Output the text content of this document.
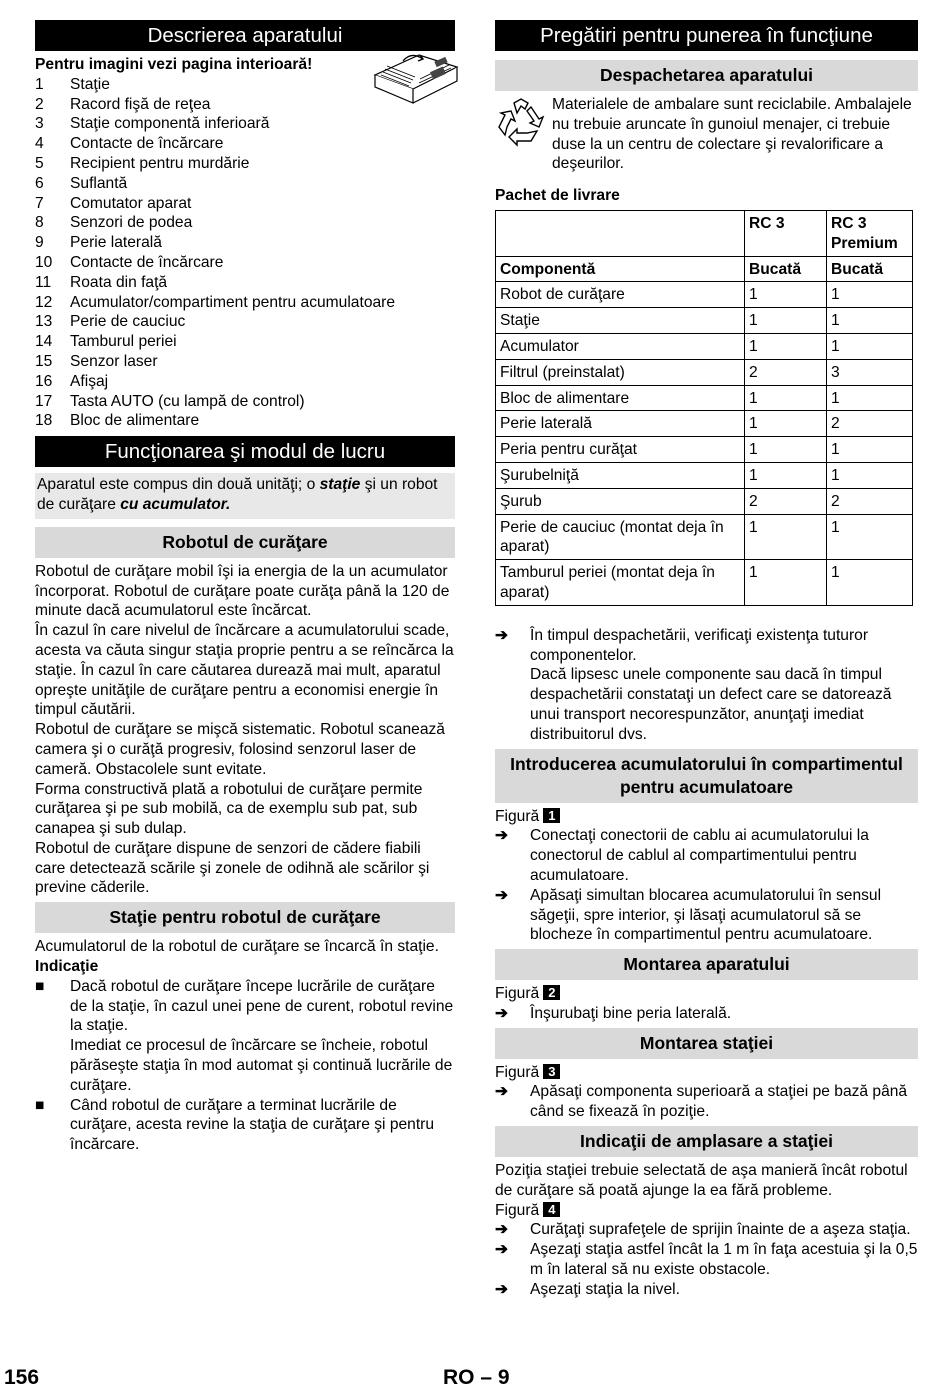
Descrierea aparatului

Pentru imagini vezi pagina interioară!

1	Staţie
2	Racord fişă de reţea
3	Staţie componentă inferioară
4	Contacte de încărcare
5	Recipient pentru murdărie
6	Suflantă
7	Comutator aparat
8	Senzori de podea
9	Perie laterală
10	Contacte de încărcare
11	Roata din faţă
12	Acumulator/compartiment pentru acumulatoare
13	Perie de cauciuc
14	Tamburul periei
15	Senzor laser
16	Afişaj
17	Tasta AUTO (cu lampă de control)
18	Bloc de alimentare
Funcţionarea şi modul de lucru

Aparatul este compus din două unităţi; o staţie şi un robot de curăţare cu acumulator.

Robotul de curăţare

Robotul de curăţare mobil îşi ia energia de la un acumulator încorporat. Robotul de curăţare poate curăţa până la 120 de minute dacă acumulatorul este încărcat.

În cazul în care nivelul de încărcare a acumulatorului scade, acesta va căuta singur staţia proprie pentru a se reîncărca la staţie. În cazul în care căutarea durează mai mult, aparatul opreşte unităţile de curăţare pentru a economisi energie în timpul căutării.

Robotul de curăţare se mişcă sistematic. Robotul scanează camera şi o curăţă progresiv, folosind senzorul laser de cameră. Obstacolele sunt evitate.

Forma constructivă plată a robotului de curăţare permite curăţarea şi pe sub mobilă, ca de exemplu sub pat, sub canapea şi sub dulap.

Robotul de curăţare dispune de senzori de cădere fiabili care detectează scările şi zonele de odihnă ale scărilor şi previne căderile.

Staţie pentru robotul de curăţare

Acumulatorul de la robotul de curăţare se încarcă în staţie.

Indicaţie

■	Dacă robotul de curăţare începe lucrările de curăţare de la staţie, în cazul unei pene de curent, robotul revine la staţie.
Imediat ce procesul de încărcare se încheie, robotul părăseşte staţia în mod automat şi continuă lucrările de curăţare.
■	Când robotul de curăţare a terminat lucrările de curăţare, acesta revine la staţia de curăţare şi pentru încărcare.
Pregătiri pentru punerea în funcţiune
Despachetarea aparatului

Materialele de ambalare sunt reciclabile. Ambalajele nu trebuie aruncate în gunoiul menajer, ci trebuie duse la un centru de colectare şi revalorificare a deşeurilor.

Pachet de livrare

	RC 3	RC 3 Premium
Componentă	Bucată	Bucată
Robot de curăţare	1	1
Staţie	1	1
Acumulator	1	1
Filtrul (preinstalat)	2	3
Bloc de alimentare	1	1
Perie laterală	1	2
Peria pentru curăţat	1	1
Şurubelniţă	1	1
Şurub	2	2
Perie de cauciuc (montat deja în aparat)	1	1
Tamburul periei (montat deja în aparat)	1	1
➔	În timpul despachetării, verificaţi existenţa tuturor componentelor.
Dacă lipsesc unele componente sau dacă în timpul despachetării constataţi un defect care se datorează unui transport necorespunzător, anunţaţi imediat distribuitorul dvs.
Introducerea acumulatorului în compartimentul pentru acumulatoare

Figură 1

➔	Conectaţi conectorii de cablu ai acumulatorului la conectorul de cablul al compartimentului pentru acumulatoare.
➔	Apăsaţi simultan blocarea acumulatorului în sensul săgeţii, spre interior, şi lăsaţi acumulatorul să se blocheze în compartimentul pentru acumulatoare.
Montarea aparatului

Figură 2

➔	Înşurubaţi bine peria laterală.
Montarea staţiei

Figură 3

➔	Apăsaţi componenta superioară a staţiei pe bază până când se fixează în poziţie.
Indicaţii de amplasare a staţiei

Poziţia staţiei trebuie selectată de aşa manieră încât robotul de curăţare să poată ajunge la ea fără probleme.

Figură 4

➔	Curăţaţi suprafeţele de sprijin înainte de a aşeza staţia.
➔	Aşezaţi staţia astfel încât la 1 m în faţa acestuia şi la 0,5 m în lateral să nu existe obstacole.
➔	Aşezaţi staţia la nivel.
156	RO – 9
